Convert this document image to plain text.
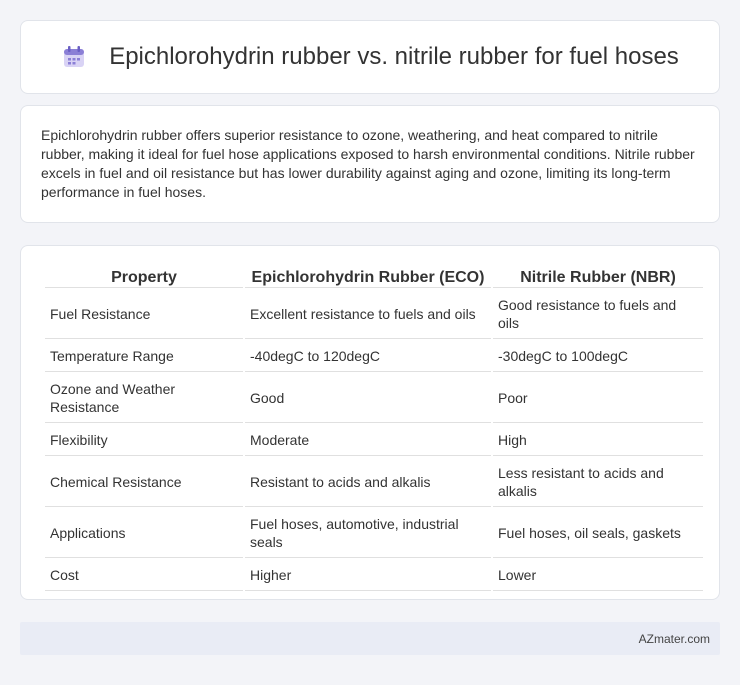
Epichlorohydrin rubber vs. nitrile rubber for fuel hoses

Epichlorohydrin rubber offers superior resistance to ozone, weathering, and heat compared to nitrile rubber, making it ideal for fuel hose applications exposed to harsh environmental conditions. Nitrile rubber excels in fuel and oil resistance but has lower durability against aging and ozone, limiting its long-term performance in fuel hoses.

Property	Epichlorohydrin Rubber (ECO)	Nitrile Rubber (NBR)
Fuel Resistance	Excellent resistance to fuels and oils	Good resistance to fuels and oils
Temperature Range	-40degC to 120degC	-30degC to 100degC
Ozone and Weather Resistance	Good	Poor
Flexibility	Moderate	High
Chemical Resistance	Resistant to acids and alkalis	Less resistant to acids and alkalis
Applications	Fuel hoses, automotive, industrial seals	Fuel hoses, oil seals, gaskets
Cost	Higher	Lower
AZmater.com
